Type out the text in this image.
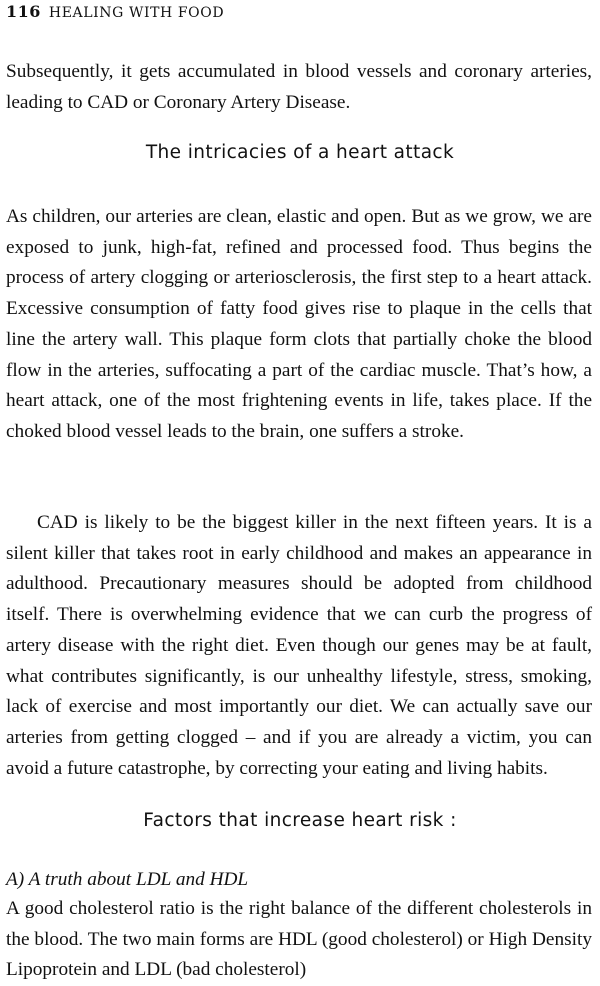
116 HEALING WITH FOOD

Subsequently, it gets accumulated in blood vessels and coronary arteries, leading to CAD or Coronary Artery Disease.

The intricacies of a heart attack

As children, our arteries are clean, elastic and open. But as we grow, we are exposed to junk, high-fat, refined and processed food. Thus begins the process of artery clogging or arteriosclerosis, the first step to a heart attack. Excessive consumption of fatty food gives rise to plaque in the cells that line the artery wall. This plaque form clots that partially choke the blood flow in the arteries, suffocating a part of the cardiac muscle. That’s how, a heart attack, one of the most frightening events in life, takes place. If the choked blood vessel leads to the brain, one suffers a stroke.

CAD is likely to be the biggest killer in the next fifteen years. It is a silent killer that takes root in early childhood and makes an appearance in adulthood. Precautionary measures should be adopted from childhood itself. There is overwhelming evidence that we can curb the progress of artery disease with the right diet. Even though our genes may be at fault, what contributes significantly, is our unhealthy lifestyle, stress, smoking, lack of exercise and most importantly our diet. We can actually save our arteries from getting clogged – and if you are already a victim, you can avoid a future catastrophe, by correcting your eating and living habits.

Factors that increase heart risk :
A) A truth about LDL and HDL

A good cholesterol ratio is the right balance of the different cholesterols in the blood. The two main forms are HDL (good cholesterol) or High Density Lipoprotein and LDL (bad cholesterol)
